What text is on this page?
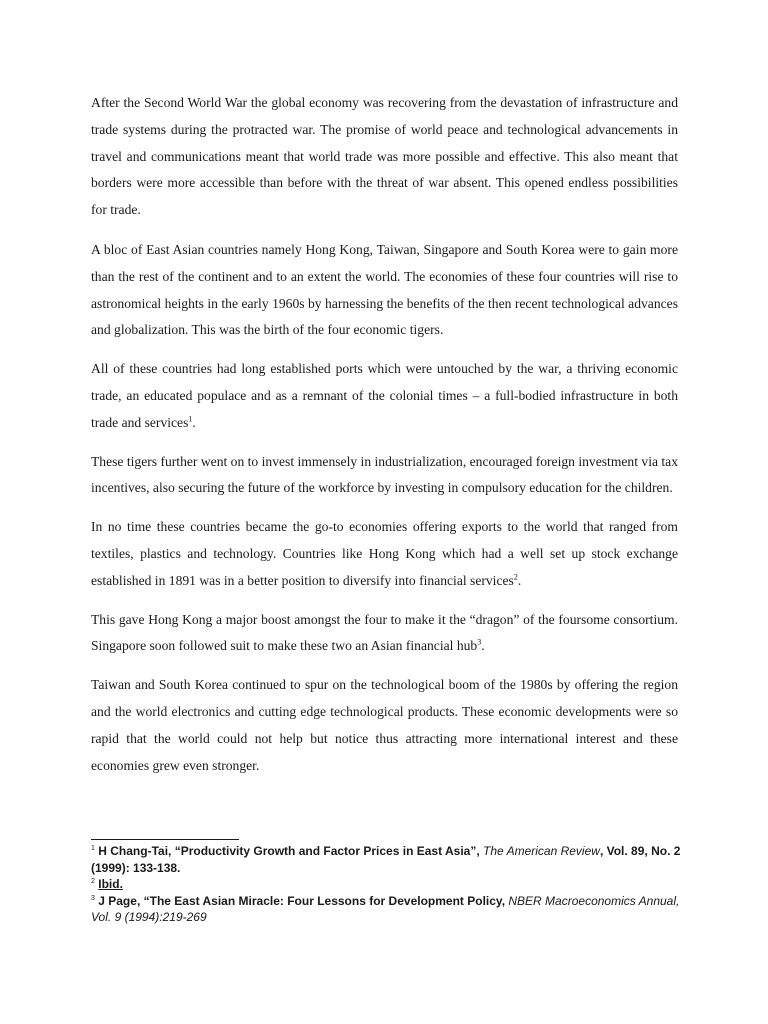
After the Second World War the global economy was recovering from the devastation of infrastructure and trade systems during the protracted war. The promise of world peace and technological advancements in travel and communications meant that world trade was more possible and effective. This also meant that borders were more accessible than before with the threat of war absent. This opened endless possibilities for trade.

A bloc of East Asian countries namely Hong Kong, Taiwan, Singapore and South Korea were to gain more than the rest of the continent and to an extent the world. The economies of these four countries will rise to astronomical heights in the early 1960s by harnessing the benefits of the then recent technological advances and globalization. This was the birth of the four economic tigers.

All of these countries had long established ports which were untouched by the war, a thriving economic trade, an educated populace and as a remnant of the colonial times – a full-bodied infrastructure in both trade and services$^1$.

These tigers further went on to invest immensely in industrialization, encouraged foreign investment via tax incentives, also securing the future of the workforce by investing in compulsory education for the children.

In no time these countries became the go-to economies offering exports to the world that ranged from textiles, plastics and technology. Countries like Hong Kong which had a well set up stock exchange established in 1891 was in a better position to diversify into financial services$^2$.

This gave Hong Kong a major boost amongst the four to make it the “dragon” of the foursome consortium. Singapore soon followed suit to make these two an Asian financial hub$^3$.

Taiwan and South Korea continued to spur on the technological boom of the 1980s by offering the region and the world electronics and cutting edge technological products. These economic developments were so rapid that the world could not help but notice thus attracting more international interest and these economies grew even stronger.

$^1$ H Chang-Tai, “Productivity Growth and Factor Prices in East Asia”, The American Review, Vol. 89, No. 2 (1999): 133-138.

$^2$ Ibid.

$^3$ J Page, “The East Asian Miracle: Four Lessons for Development Policy, NBER Macroeconomics Annual, Vol. 9 (1994):219-269
